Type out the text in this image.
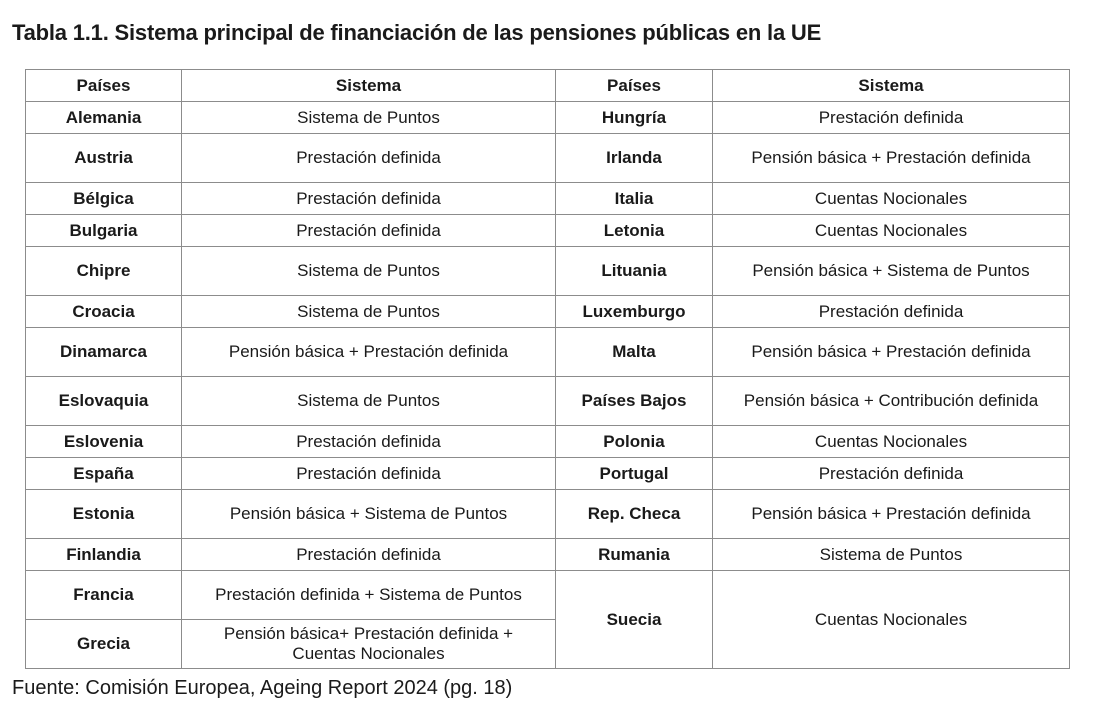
Tabla 1.1. Sistema principal de financiación de las pensiones públicas en la UE
Países	Sistema	Países	Sistema
Alemania	Sistema de Puntos	Hungría	Prestación definida
Austria	Prestación definida	Irlanda	Pensión básica + Prestación definida
Bélgica	Prestación definida	Italia	Cuentas Nocionales
Bulgaria	Prestación definida	Letonia	Cuentas Nocionales
Chipre	Sistema de Puntos	Lituania	Pensión básica + Sistema de Puntos
Croacia	Sistema de Puntos	Luxemburgo	Prestación definida
Dinamarca	Pensión básica + Prestación definida	Malta	Pensión básica + Prestación definida
Eslovaquia	Sistema de Puntos	Países Bajos	Pensión básica + Contribución definida
Eslovenia	Prestación definida	Polonia	Cuentas Nocionales
España	Prestación definida	Portugal	Prestación definida
Estonia	Pensión básica + Sistema de Puntos	Rep. Checa	Pensión básica + Prestación definida
Finlandia	Prestación definida	Rumania	Sistema de Puntos
Francia	Prestación definida + Sistema de Puntos	Suecia	Cuentas Nocionales
Grecia	Pensión básica+ Prestación definida + Cuentas Nocionales		
Fuente: Comisión Europea, Ageing Report 2024 (pg. 18)
